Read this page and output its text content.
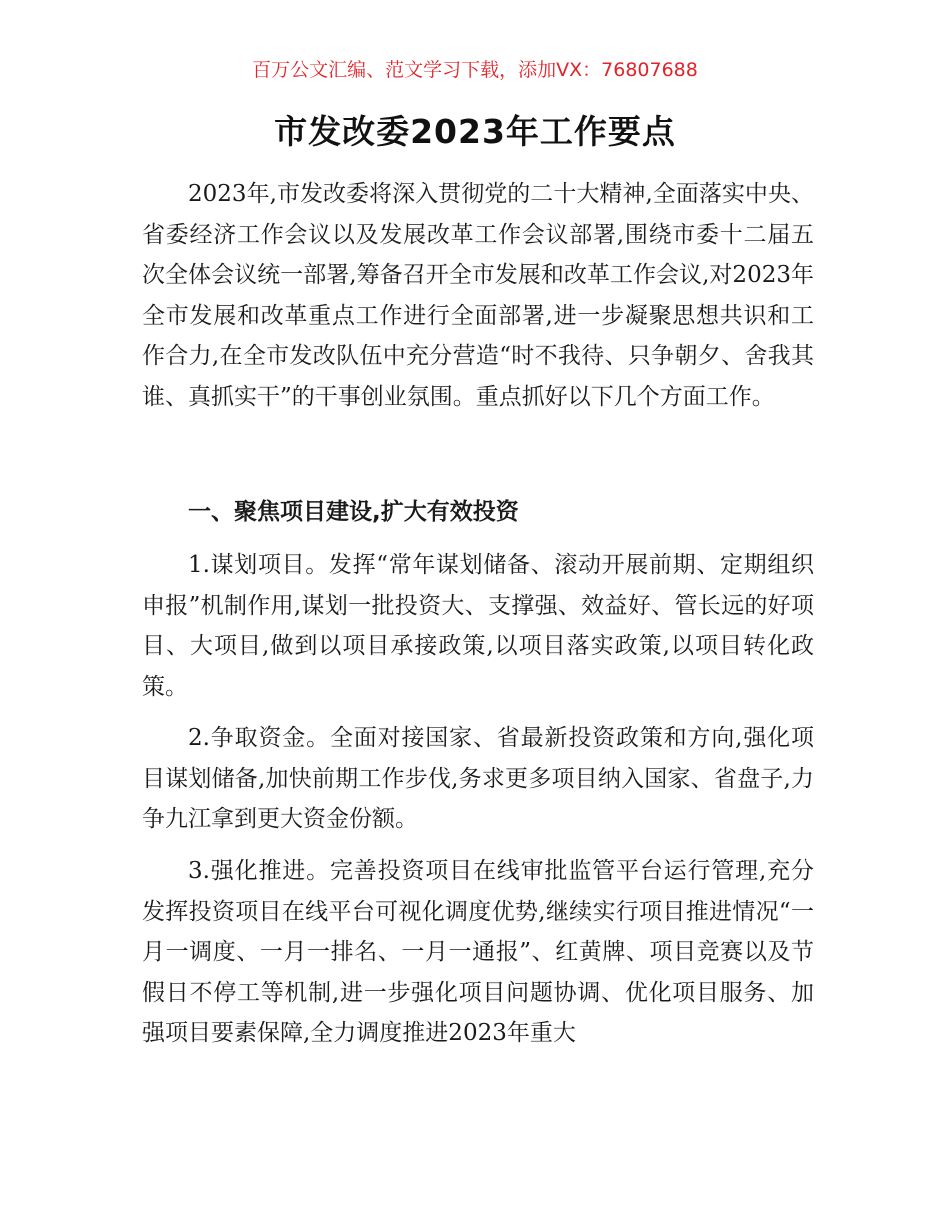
百万公文汇编、范文学习下载，添加VX：76807688
市发改委2023年工作要点

2023年,市发改委将深入贯彻党的二十大精神,全面落实中央、省委经济工作会议以及发展改革工作会议部署,围绕市委十二届五次全体会议统一部署,筹备召开全市发展和改革工作会议,对2023年全市发展和改革重点工作进行全面部署,进一步凝聚思想共识和工作合力,在全市发改队伍中充分营造“时不我待、只争朝夕、舍我其谁、真抓实干”的干事创业氛围。重点抓好以下几个方面工作。

一、聚焦项目建设,扩大有效投资

1.谋划项目。发挥“常年谋划储备、滚动开展前期、定期组织申报”机制作用,谋划一批投资大、支撑强、效益好、管长远的好项目、大项目,做到以项目承接政策,以项目落实政策,以项目转化政策。

2.争取资金。全面对接国家、省最新投资政策和方向,强化项目谋划储备,加快前期工作步伐,务求更多项目纳入国家、省盘子,力争九江拿到更大资金份额。

3.强化推进。完善投资项目在线审批监管平台运行管理,充分发挥投资项目在线平台可视化调度优势,继续实行项目推进情况“一月一调度、一月一排名、一月一通报”、红黄牌、项目竞赛以及节假日不停工等机制,进一步强化项目问题协调、优化项目服务、加强项目要素保障,全力调度推进2023年重大
